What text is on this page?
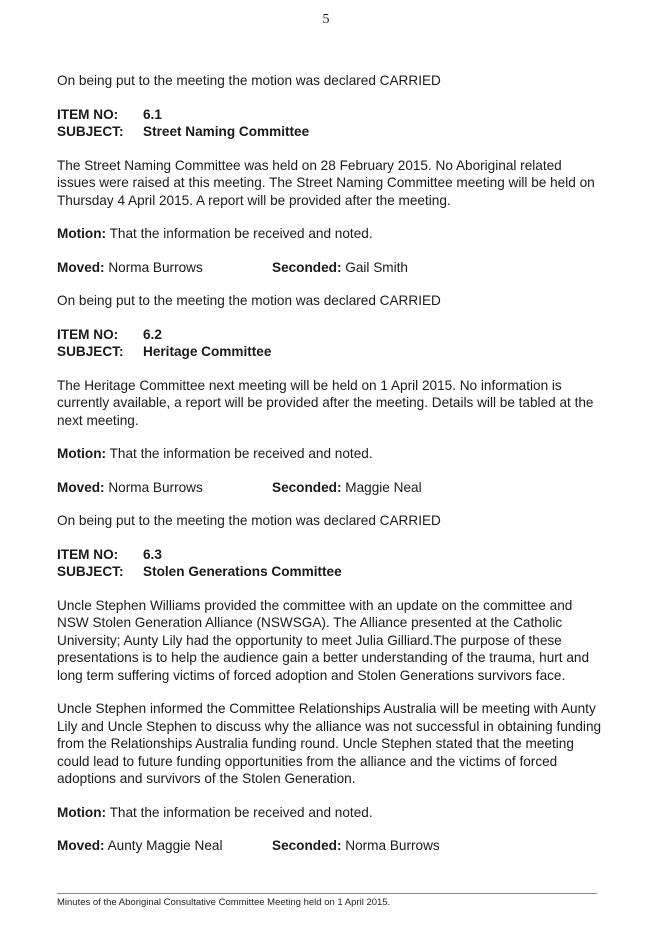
5

On being put to the meeting the motion was declared CARRIED

ITEM NO:	6.1
SUBJECT:	Street Naming Committee

The Street Naming Committee was held on 28 February 2015. No Aboriginal related issues were raised at this meeting. The Street Naming Committee meeting will be held on Thursday 4 April 2015. A report will be provided after the meeting.

Motion: That the information be received and noted.

Moved: Norma Burrows	Seconded: Gail Smith

On being put to the meeting the motion was declared CARRIED

ITEM NO:	6.2
SUBJECT:	Heritage Committee

The Heritage Committee next meeting will be held on 1 April 2015. No information is currently available, a report will be provided after the meeting. Details will be tabled at the next meeting.

Motion: That the information be received and noted.

Moved: Norma Burrows	Seconded: Maggie Neal

On being put to the meeting the motion was declared CARRIED

ITEM NO:	6.3
SUBJECT:	Stolen Generations Committee

Uncle Stephen Williams provided the committee with an update on the committee and NSW Stolen Generation Alliance (NSWSGA). The Alliance presented at the Catholic University; Aunty Lily had the opportunity to meet Julia Gilliard.The purpose of these presentations is to help the audience gain a better understanding of the trauma, hurt and long term suffering victims of forced adoption and Stolen Generations survivors face.

Uncle Stephen informed the Committee Relationships Australia will be meeting with Aunty Lily and Uncle Stephen to discuss why the alliance was not successful in obtaining funding from the Relationships Australia funding round. Uncle Stephen stated that the meeting could lead to future funding opportunities from the alliance and the victims of forced adoptions and survivors of the Stolen Generation.

Motion: That the information be received and noted.

Moved: Aunty Maggie Neal	Seconded: Norma Burrows
Minutes of the Aboriginal Consultative Committee Meeting held on 1 April 2015.
